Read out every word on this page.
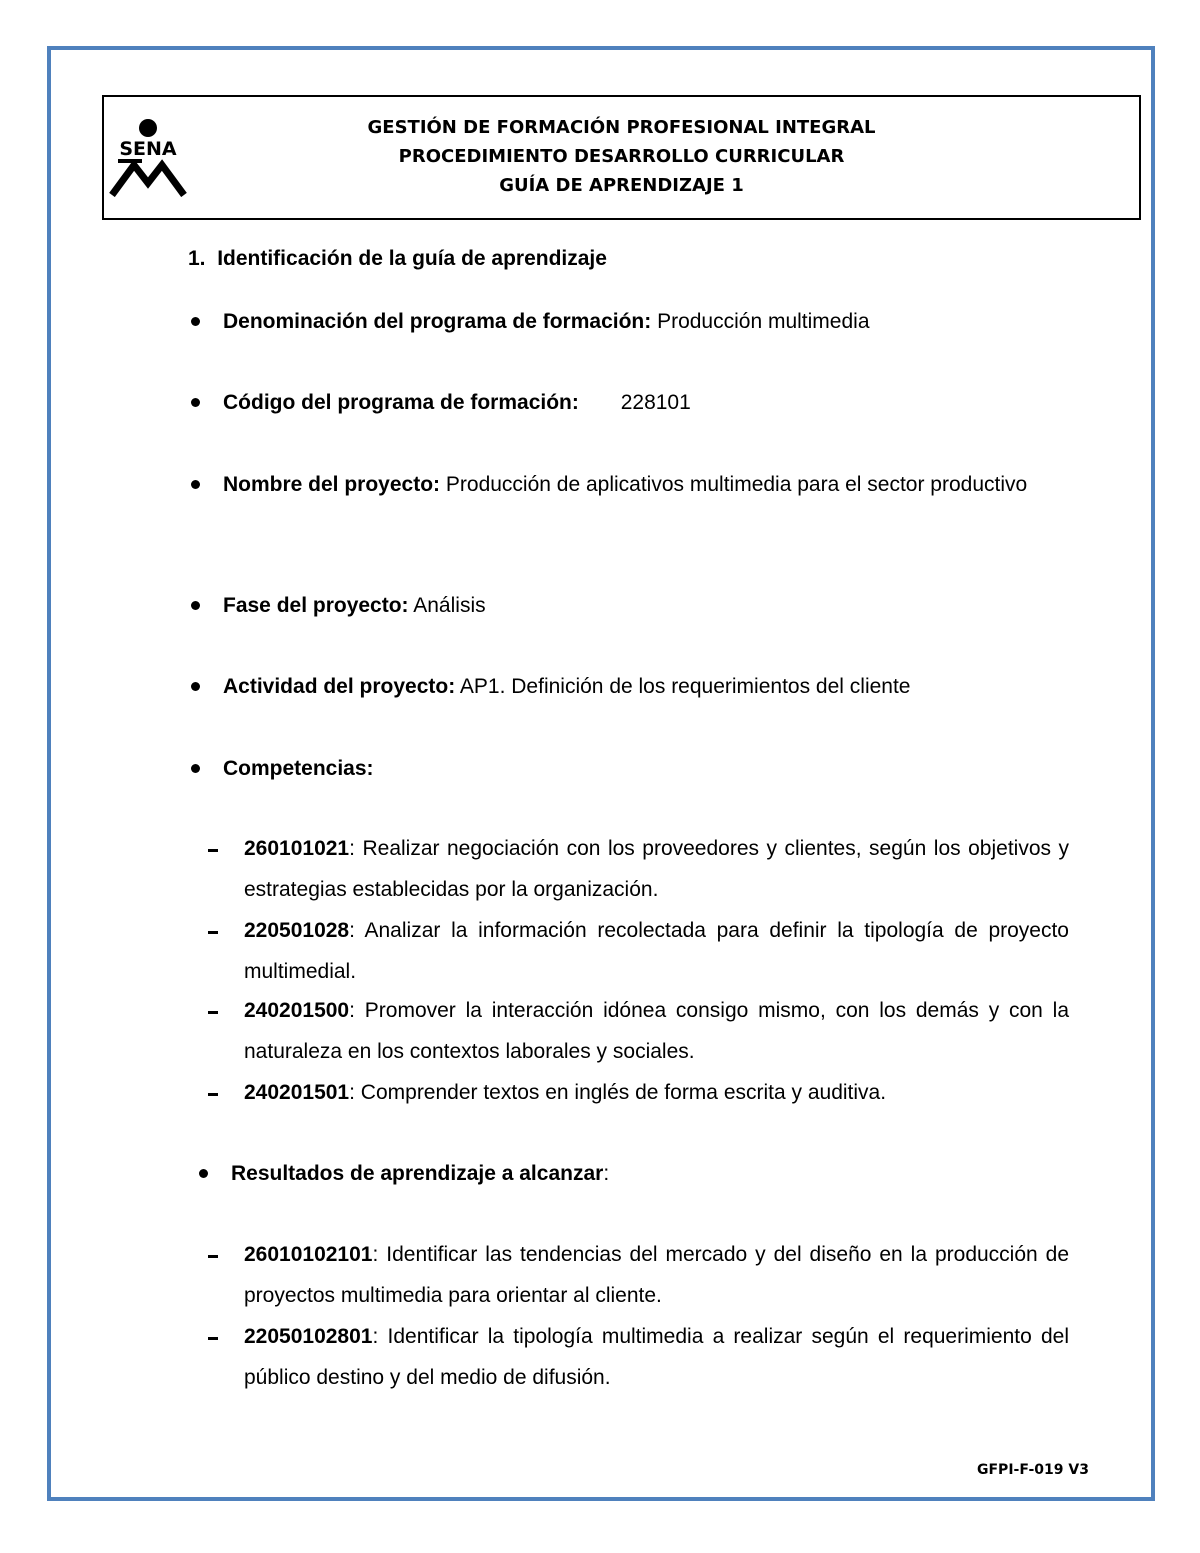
SENA
GESTIÓN DE FORMACIÓN PROFESIONAL INTEGRAL
PROCEDIMIENTO DESARROLLO CURRICULAR
GUÍA DE APRENDIZAJE 1
1. Identificación de la guía de aprendizaje
Denominación del programa de formación: Producción multimedia
Código del programa de formación: 228101
Nombre del proyecto: Producción de aplicativos multimedia para el sector productivo
Fase del proyecto: Análisis
Actividad del proyecto: AP1. Definición de los requerimientos del cliente
Competencias:
260101021: Realizar negociación con los proveedores y clientes, según los objetivos y estrategias establecidas por la organización.
220501028: Analizar la información recolectada para definir la tipología de proyecto multimedial.
240201500: Promover la interacción idónea consigo mismo, con los demás y con la naturaleza en los contextos laborales y sociales.
240201501: Comprender textos en inglés de forma escrita y auditiva.
Resultados de aprendizaje a alcanzar:
26010102101: Identificar las tendencias del mercado y del diseño en la producción de proyectos multimedia para orientar al cliente.
22050102801: Identificar la tipología multimedia a realizar según el requerimiento del público destino y del medio de difusión.
GFPI-F-019 V3
